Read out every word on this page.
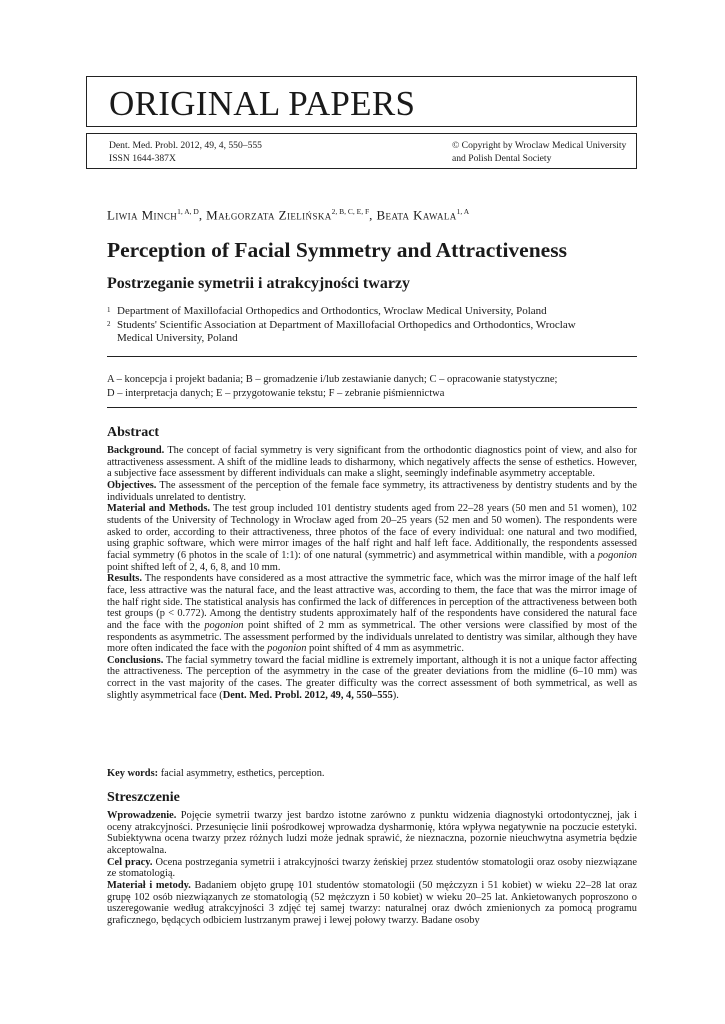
ORIGINAL PAPERS
Dent. Med. Probl. 2012, 49, 4, 550–555
ISSN 1644-387X
© Copyright by Wroclaw Medical University
and Polish Dental Society
Liwia Minch$^{1, A, D}$, Małgorzata Zielińska$^{2, B, C, E, F}$, Beata Kawala$^{1, A}$
Perception of Facial Symmetry and Attractiveness
Postrzeganie symetrii i atrakcyjności twarzy
1 Department of Maxillofacial Orthopedics and Orthodontics, Wroclaw Medical University, Poland
2 Students' Scientific Association at Department of Maxillofacial Orthopedics and Orthodontics, Wroclaw Medical University, Poland
A – koncepcja i projekt badania; B – gromadzenie i/lub zestawianie danych; C – opracowanie statystyczne;
D – interpretacja danych; E – przygotowanie tekstu; F – zebranie piśmiennictwa
Abstract

Background. The concept of facial symmetry is very significant from the orthodontic diagnostics point of view, and also for attractiveness assessment. A shift of the midline leads to disharmony, which negatively affects the sense of esthetics. However, a subjective face assessment by different individuals can make a slight, seemingly indefinable asymmetry acceptable.

Objectives. The assessment of the perception of the female face symmetry, its attractiveness by dentistry students and by the individuals unrelated to dentistry.

Material and Methods. The test group included 101 dentistry students aged from 22–28 years (50 men and 51 women), 102 students of the University of Technology in Wrocław aged from 20–25 years (52 men and 50 women). The respondents were asked to order, according to their attractiveness, three photos of the face of every individual: one natural and two modified, using graphic software, which were mirror images of the half right and half left face. Additionally, the respondents assessed facial symmetry (6 photos in the scale of 1:1): of one natural (symmetric) and asymmetrical within mandible, with a pogonion point shifted left of 2, 4, 6, 8, and 10 mm.

Results. The respondents have considered as a most attractive the symmetric face, which was the mirror image of the half left face, less attractive was the natural face, and the least attractive was, according to them, the face that was the mirror image of the half right side. The statistical analysis has confirmed the lack of differences in perception of the attractiveness between both test groups (p < 0.772). Among the dentistry students approximately half of the respondents have considered the natural face and the face with the pogonion point shifted of 2 mm as symmetrical. The other versions were classified by most of the respondents as asymmetric. The assessment performed by the individuals unrelated to dentistry was similar, although they have more often indicated the face with the pogonion point shifted of 4 mm as asymmetric.

Conclusions. The facial symmetry toward the facial midline is extremely important, although it is not a unique factor affecting the attractiveness. The perception of the asymmetry in the case of the greater deviations from the midline (6–10 mm) was correct in the vast majority of the cases. The greater difficulty was the correct assessment of both symmetrical, as well as slightly asymmetrical face (Dent. Med. Probl. 2012, 49, 4, 550–555).

Key words: facial asymmetry, esthetics, perception.

Streszczenie

Wprowadzenie. Pojęcie symetrii twarzy jest bardzo istotne zarówno z punktu widzenia diagnostyki ortodontycznej, jak i oceny atrakcyjności. Przesunięcie linii pośrodkowej wprowadza dysharmonię, która wpływa negatywnie na poczucie estetyki. Subiektywna ocena twarzy przez różnych ludzi może jednak sprawić, że nieznaczna, pozornie nieuchwytna asymetria będzie akceptowalna.

Cel pracy. Ocena postrzegania symetrii i atrakcyjności twarzy żeńskiej przez studentów stomatologii oraz osoby niezwiązane ze stomatologią.

Materiał i metody. Badaniem objęto grupę 101 studentów stomatologii (50 mężczyzn i 51 kobiet) w wieku 22–28 lat oraz grupę 102 osób niezwiązanych ze stomatologią (52 mężczyzn i 50 kobiet) w wieku 20–25 lat. Ankietowanych poproszono o uszeregowanie według atrakcyjności 3 zdjęć tej samej twarzy: naturalnej oraz dwóch zmienionych za pomocą programu graficznego, będących odbiciem lustrzanym prawej i lewej połowy twarzy. Badane osoby
